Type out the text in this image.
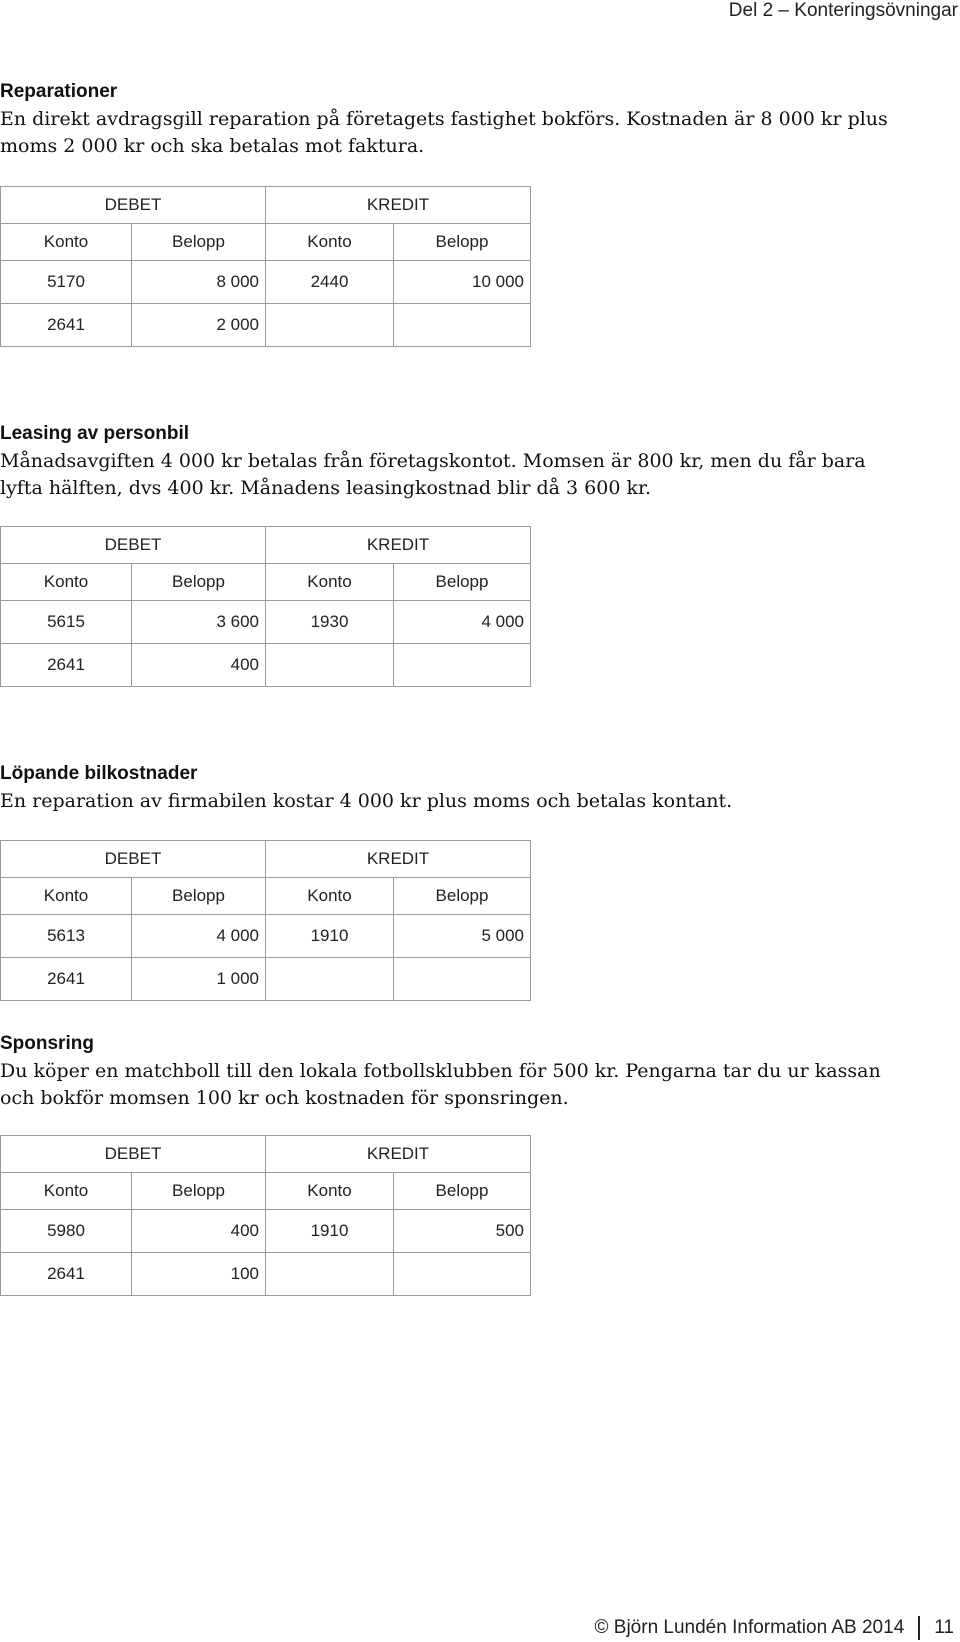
Del 2 – Konteringsövningar
Reparationer

En direkt avdragsgill reparation på företagets fastighet bokförs. Kostnaden är 8 000 kr plus moms 2 000 kr och ska betalas mot faktura.

DEBET		KREDIT	
Konto	Belopp	Konto	Belopp
5170	8 000	2440	10 000
2641	2 000		
Leasing av personbil

Månadsavgiften 4 000 kr betalas från företagskontot. Momsen är 800 kr, men du får bara lyfta hälften, dvs 400 kr. Månadens leasingkostnad blir då 3 600 kr.

DEBET		KREDIT	
Konto	Belopp	Konto	Belopp
5615	3 600	1930	4 000
2641	400		
Löpande bilkostnader

En reparation av firmabilen kostar 4 000 kr plus moms och betalas kontant.

DEBET		KREDIT	
Konto	Belopp	Konto	Belopp
5613	4 000	1910	5 000
2641	1 000		
Sponsring

Du köper en matchboll till den lokala fotbollsklubben för 500 kr. Pengarna tar du ur kassan och bokför momsen 100 kr och kostnaden för sponsringen.

DEBET		KREDIT	
Konto	Belopp	Konto	Belopp
5980	400	1910	500
2641	100		
© Björn Lundén Information AB 2014 11
